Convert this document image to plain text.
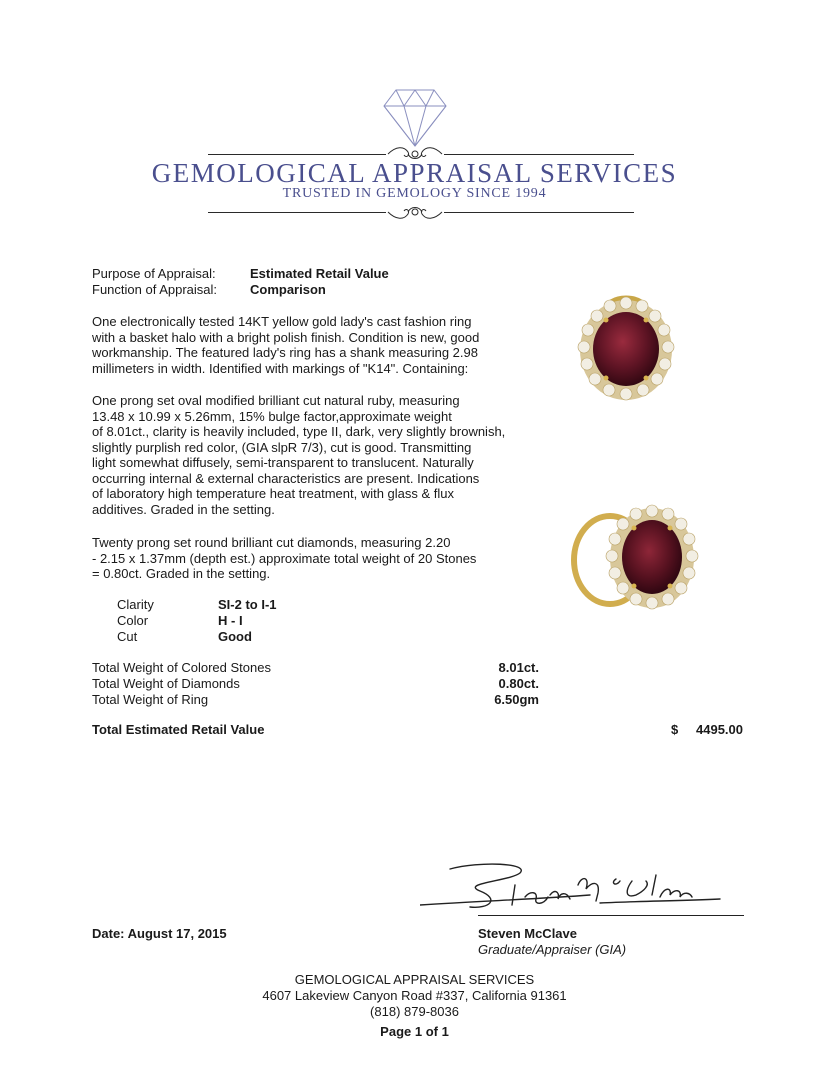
GEMOLOGICAL APPRAISAL SERVICES
TRUSTED IN GEMOLOGY SINCE 1994
Purpose of Appraisal:	Estimated Retail Value
Function of Appraisal:	Comparison
One electronically tested 14KT yellow gold lady's cast fashion ring
with a basket halo with a bright polish finish. Condition is new, good
workmanship. The featured lady's ring has a shank measuring 2.98
millimeters in width. Identified with markings of "K14". Containing:
One prong set oval modified brilliant cut natural ruby, measuring
13.48 x 10.99 x 5.26mm, 15% bulge factor,approximate weight
of 8.01ct., clarity is heavily included, type II, dark, very slightly brownish,
slightly purplish red color, (GIA slpR 7/3), cut is good. Transmitting
light somewhat diffusely, semi-transparent to translucent. Naturally
occurring internal & external characteristics are present. Indications
of laboratory high temperature heat treatment, with glass & flux
additives. Graded in the setting.
Twenty prong set round brilliant cut diamonds, measuring 2.20
- 2.15 x 1.37mm (depth est.) approximate total weight of 20 Stones
= 0.80ct. Graded in the setting.
Clarity	SI-2 to I-1
Color	H - I
Cut	Good
Total Weight of Colored Stones	8.01ct.
Total Weight of Diamonds	0.80ct.
Total Weight of Ring	6.50gm
Total Estimated Retail Value	$	4495.00
Date: August 17, 2015	Steven McClave
Graduate/Appraiser (GIA)
GEMOLOGICAL APPRAISAL SERVICES
4607 Lakeview Canyon Road #337, California 91361
(818) 879-8036
Page 1 of 1
